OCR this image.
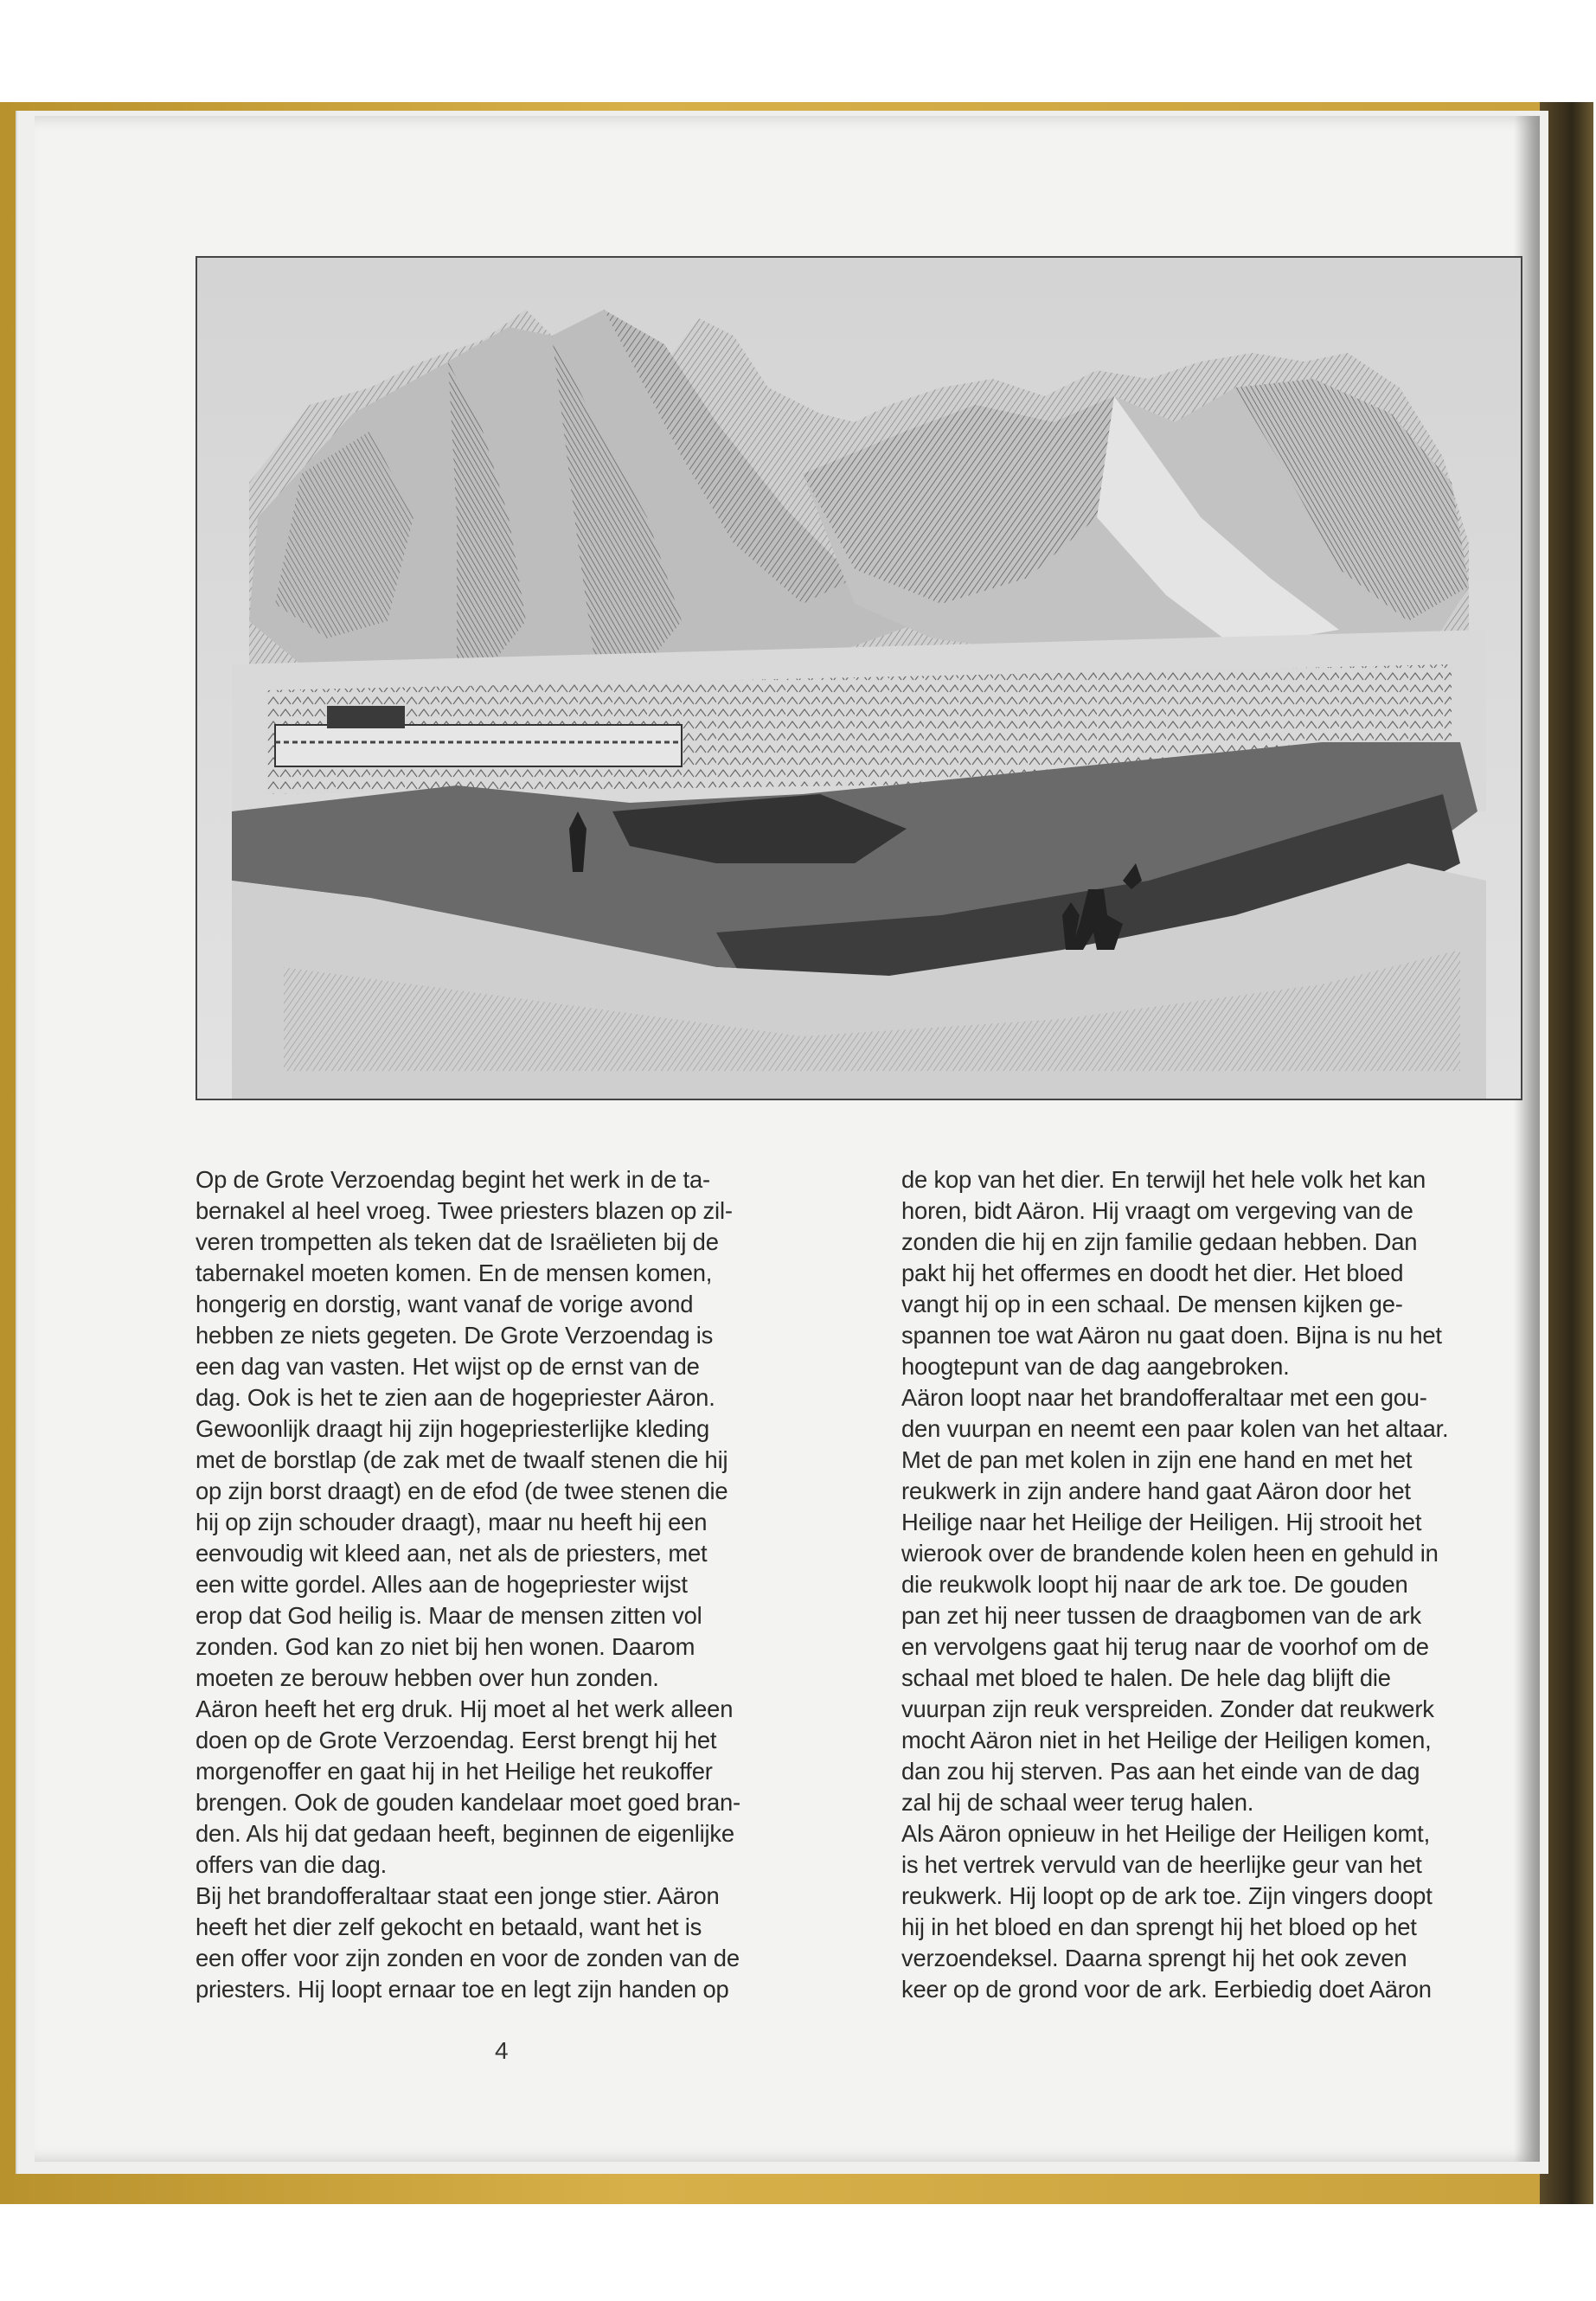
Op de Grote Verzoendag begint het werk in de ta-

bernakel al heel vroeg. Twee priesters blazen op zil-

veren trompetten als teken dat de Israëlieten bij de

tabernakel moeten komen. En de mensen komen,

hongerig en dorstig, want vanaf de vorige avond

hebben ze niets gegeten. De Grote Verzoendag is

een dag van vasten. Het wijst op de ernst van de

dag. Ook is het te zien aan de hogepriester Aäron.

Gewoonlijk draagt hij zijn hogepriesterlijke kleding

met de borstlap (de zak met de twaalf stenen die hij

op zijn borst draagt) en de efod (de twee stenen die

hij op zijn schouder draagt), maar nu heeft hij een

eenvoudig wit kleed aan, net als de priesters, met

een witte gordel. Alles aan de hogepriester wijst

erop dat God heilig is. Maar de mensen zitten vol

zonden. God kan zo niet bij hen wonen. Daarom

moeten ze berouw hebben over hun zonden.

Aäron heeft het erg druk. Hij moet al het werk alleen

doen op de Grote Verzoendag. Eerst brengt hij het

morgenoffer en gaat hij in het Heilige het reukoffer

brengen. Ook de gouden kandelaar moet goed bran-

den. Als hij dat gedaan heeft, beginnen de eigenlijke

offers van die dag.

Bij het brandofferaltaar staat een jonge stier. Aäron

heeft het dier zelf gekocht en betaald, want het is

een offer voor zijn zonden en voor de zonden van de

priesters. Hij loopt ernaar toe en legt zijn handen op

de kop van het dier. En terwijl het hele volk het kan

horen, bidt Aäron. Hij vraagt om vergeving van de

zonden die hij en zijn familie gedaan hebben. Dan

pakt hij het offermes en doodt het dier. Het bloed

vangt hij op in een schaal. De mensen kijken ge-

spannen toe wat Aäron nu gaat doen. Bijna is nu het

hoogtepunt van de dag aangebroken.

Aäron loopt naar het brandofferaltaar met een gou-

den vuurpan en neemt een paar kolen van het altaar.

Met de pan met kolen in zijn ene hand en met het

reukwerk in zijn andere hand gaat Aäron door het

Heilige naar het Heilige der Heiligen. Hij strooit het

wierook over de brandende kolen heen en gehuld in

die reukwolk loopt hij naar de ark toe. De gouden

pan zet hij neer tussen de draagbomen van de ark

en vervolgens gaat hij terug naar de voorhof om de

schaal met bloed te halen. De hele dag blijft die

vuurpan zijn reuk verspreiden. Zonder dat reukwerk

mocht Aäron niet in het Heilige der Heiligen komen,

dan zou hij sterven. Pas aan het einde van de dag

zal hij de schaal weer terug halen.

Als Aäron opnieuw in het Heilige der Heiligen komt,

is het vertrek vervuld van de heerlijke geur van het

reukwerk. Hij loopt op de ark toe. Zijn vingers doopt

hij in het bloed en dan sprengt hij het bloed op het

verzoendeksel. Daarna sprengt hij het ook zeven

keer op de grond voor de ark. Eerbiedig doet Aäron

4
